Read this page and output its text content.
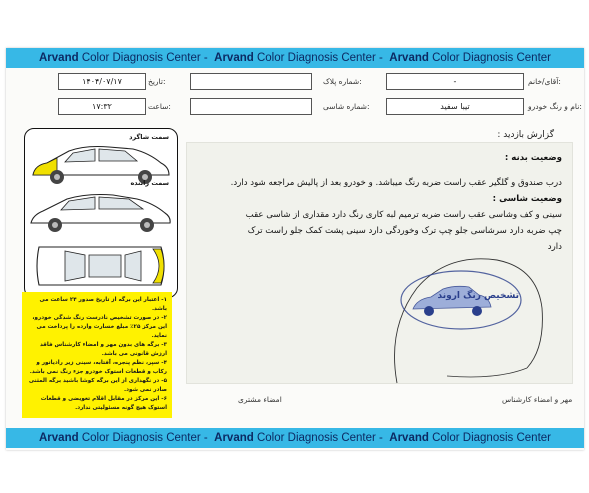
Arvand Color Diagnosis Center - Arvand Color Diagnosis Center - Arvand Color Diagnosis Center
۱۴۰۴/۰۷/۱۷	تاریخ:
۱۷:۳۲	ساعت:
شماره پلاک:
شماره شاسی:
-	آقای/خانم:
تیبا سفید	نام و رنگ خودرو:
سمت شاگرد
سمت راننده

۱- اعتبار این برگه از تاریخ صدور ۲۴ ساعت می باشد.

۲- در صورت تشخیص نادرست رنگ شدگی خودرو، این مرکز ۲۵٪ مبلغ خسارت وارده را پرداخت می نماید.

۳- برگه های بدون مهر و امضاء کارشناس فاقد ارزش قانونی می باشد.

۴- سپر، نظم پنجره، آفتابه، سینی زیر رادیاتور و رکاب و قطعات استوک خودرو جزء رنگ نمی باشد.

۵- در نگهداری از این برگه کوشا باشید برگه المثنی صادر نمی شود.

۶- این مرکز در مقابل اقلام تعویضی و قطعات استوک هیچ گونه مسئولیتی ندارد.

گزارش بازدید :
وضعیت بدنه :
درب صندوق و گلگیر عقب راست ضربه رنگ میباشد. و خودرو بعد از پالیش مراجعه شود دارد.
وضعیت شاسی :
سینی و کف وشاسی عقب راست ضربه ترمیم لبه کاری رنگ دارد مقداری از شاسی عقب
چپ ضربه دارد سرشاسی جلو چپ ترک وخوردگی دارد سینی پشت کمک جلو راست ترک
دارد
تشخیص رنگ اروند
امضاء مشتری	مهر و امضاء کارشناس
Arvand Color Diagnosis Center - Arvand Color Diagnosis Center - Arvand Color Diagnosis Center
